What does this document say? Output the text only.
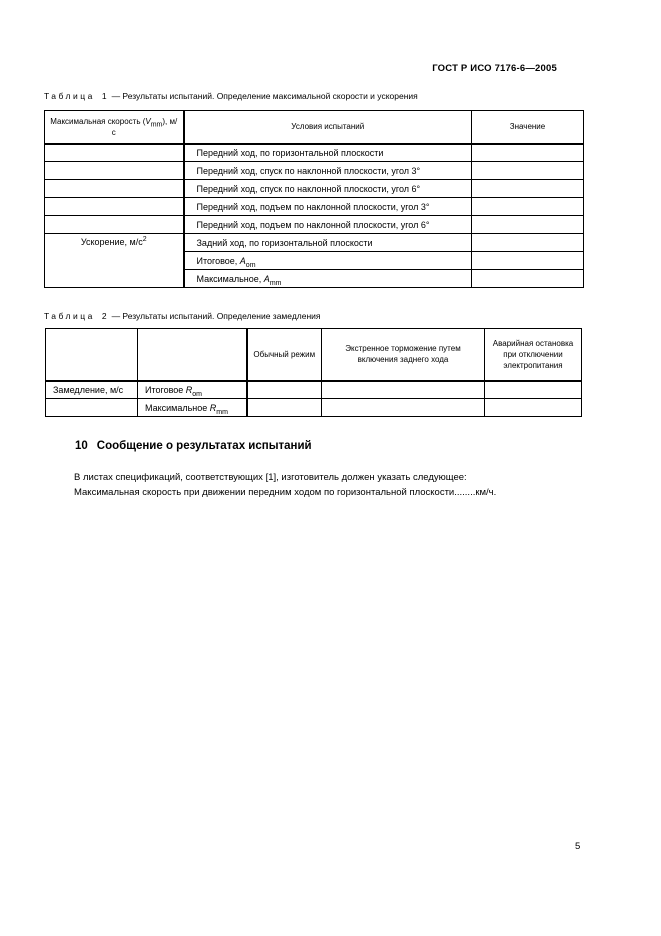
ГОСТ Р ИСО 7176-6—2005
Таблица 1 — Результаты испытаний. Определение максимальной скорости и ускорения
Максимальная скорость $(V_{mm})$, м/с	Условия испытаний	Значение
	Передний ход, по горизонтальной плоскости	
	Передний ход, спуск по наклонной плоскости, угол 3°	
	Передний ход, спуск по наклонной плоскости, угол 6°	
	Передний ход, подъем по наклонной плоскости, угол 3°	
	Передний ход, подъем по наклонной плоскости, угол 6°	
Ускорение, $м/с^2$	Задний ход, по горизонтальной плоскости	
	Итоговое, $A_{om}$	
	Максимальное, $A_{mm}$	
Таблица 2 — Результаты испытаний. Определение замедления
		Обычный режим	Экстренное торможение путем включения заднего хода	Аварийная остановка при отключении электропитания
Замедление, м/с	Итоговое $R_{om}$			
	Максимальное $R_{mm}$			
10 Сообщение о результатах испытаний
В листах спецификаций, соответствующих [1], изготовитель должен указать следующее:
Максимальная скорость при движении передним ходом по горизонтальной плоскости........км/ч.
5
